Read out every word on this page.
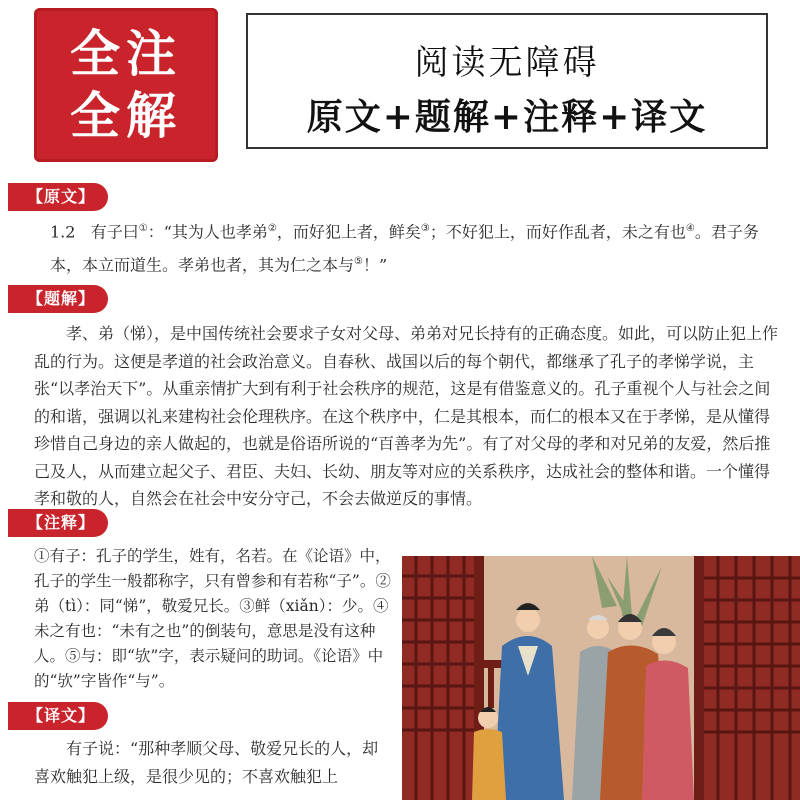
全注
全解
阅读无障碍
原文+题解+注释+译文
【原文】
1.2 有子曰①：“其为人也孝弟②，而好犯上者，鲜矣③；不好犯上，而好作乱者，未之有也④。君子务本，本立而道生。孝弟也者，其为仁之本与⑤！”
【题解】
孝、弟（悌），是中国传统社会要求子女对父母、弟弟对兄长持有的正确态度。如此，可以防止犯上作乱的行为。这便是孝道的社会政治意义。自春秋、战国以后的每个朝代，都继承了孔子的孝悌学说，主张“以孝治天下”。从重亲情扩大到有利于社会秩序的规范，这是有借鉴意义的。孔子重视个人与社会之间的和谐，强调以礼来建构社会伦理秩序。在这个秩序中，仁是其根本，而仁的根本又在于孝悌，是从懂得珍惜自己身边的亲人做起的，也就是俗语所说的“百善孝为先”。有了对父母的孝和对兄弟的友爱，然后推己及人，从而建立起父子、君臣、夫妇、长幼、朋友等对应的关系秩序，达成社会的整体和谐。一个懂得孝和敬的人，自然会在社会中安分守己，不会去做逆反的事情。
【注释】
①有子：孔子的学生，姓有，名若。在《论语》中，孔子的学生一般都称字，只有曾参和有若称“子”。②弟（tì）：同“悌”，敬爱兄长。③鲜（xiǎn）：少。④未之有也：“未有之也”的倒装句，意思是没有这种人。⑤与：即“欤”字，表示疑问的助词。《论语》中的“欤”字皆作“与”。
【译文】
有子说：“那种孝顺父母、敬爱兄长的人，却喜欢触犯上级，是很少见的；不喜欢触犯上
